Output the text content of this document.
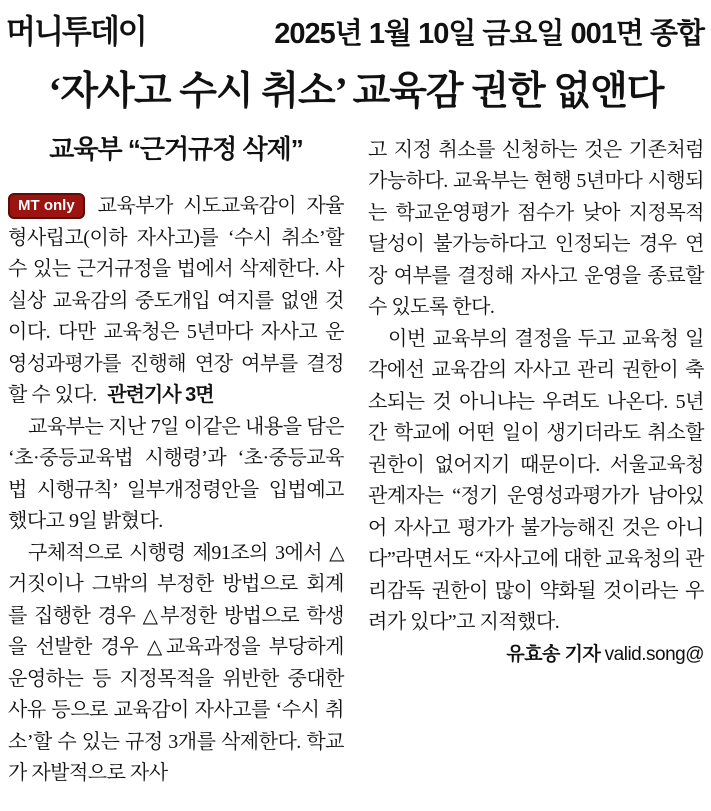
머니투데이	2025년 1월 10일 금요일 001면 종합
‘자사고 수시 취소’ 교육감 권한 없앤다
교육부 “근거규정 삭제”

MT only 교육부가 시도교육감이 자율형사립고(이하 자사고)를 ‘수시 취소’할 수 있는 근거규정을 법에서 삭제한다. 사실상 교육감의 중도개입 여지를 없앤 것이다. 다만 교육청은 5년마다 자사고 운영성과평가를 진행해 연장 여부를 결정할 수 있다. 관련기사 3면

교육부는 지난 7일 이같은 내용을 담은 ‘초·중등교육법 시행령’과 ‘초·중등교육법 시행규칙’ 일부개정령안을 입법예고했다고 9일 밝혔다.

구체적으로 시행령 제91조의 3에서 △거짓이나 그밖의 부정한 방법으로 회계를 집행한 경우 △부정한 방법으로 학생을 선발한 경우 △교육과정을 부당하게 운영하는 등 지정목적을 위반한 중대한 사유 등으로 교육감이 자사고를 ‘수시 취소’할 수 있는 규정 3개를 삭제한다. 학교가 자발적으로 자사

고 지정 취소를 신청하는 것은 기존처럼 가능하다. 교육부는 현행 5년마다 시행되는 학교운영평가 점수가 낮아 지정목적 달성이 불가능하다고 인정되는 경우 연장 여부를 결정해 자사고 운영을 종료할 수 있도록 한다.

이번 교육부의 결정을 두고 교육청 일각에선 교육감의 자사고 관리 권한이 축소되는 것 아니냐는 우려도 나온다. 5년간 학교에 어떤 일이 생기더라도 취소할 권한이 없어지기 때문이다. 서울교육청 관계자는 “정기 운영성과평가가 남아있어 자사고 평가가 불가능해진 것은 아니다”라면서도 “자사고에 대한 교육청의 관리감독 권한이 많이 약화될 것이라는 우려가 있다”고 지적했다.
유효송 기자 valid.song@
